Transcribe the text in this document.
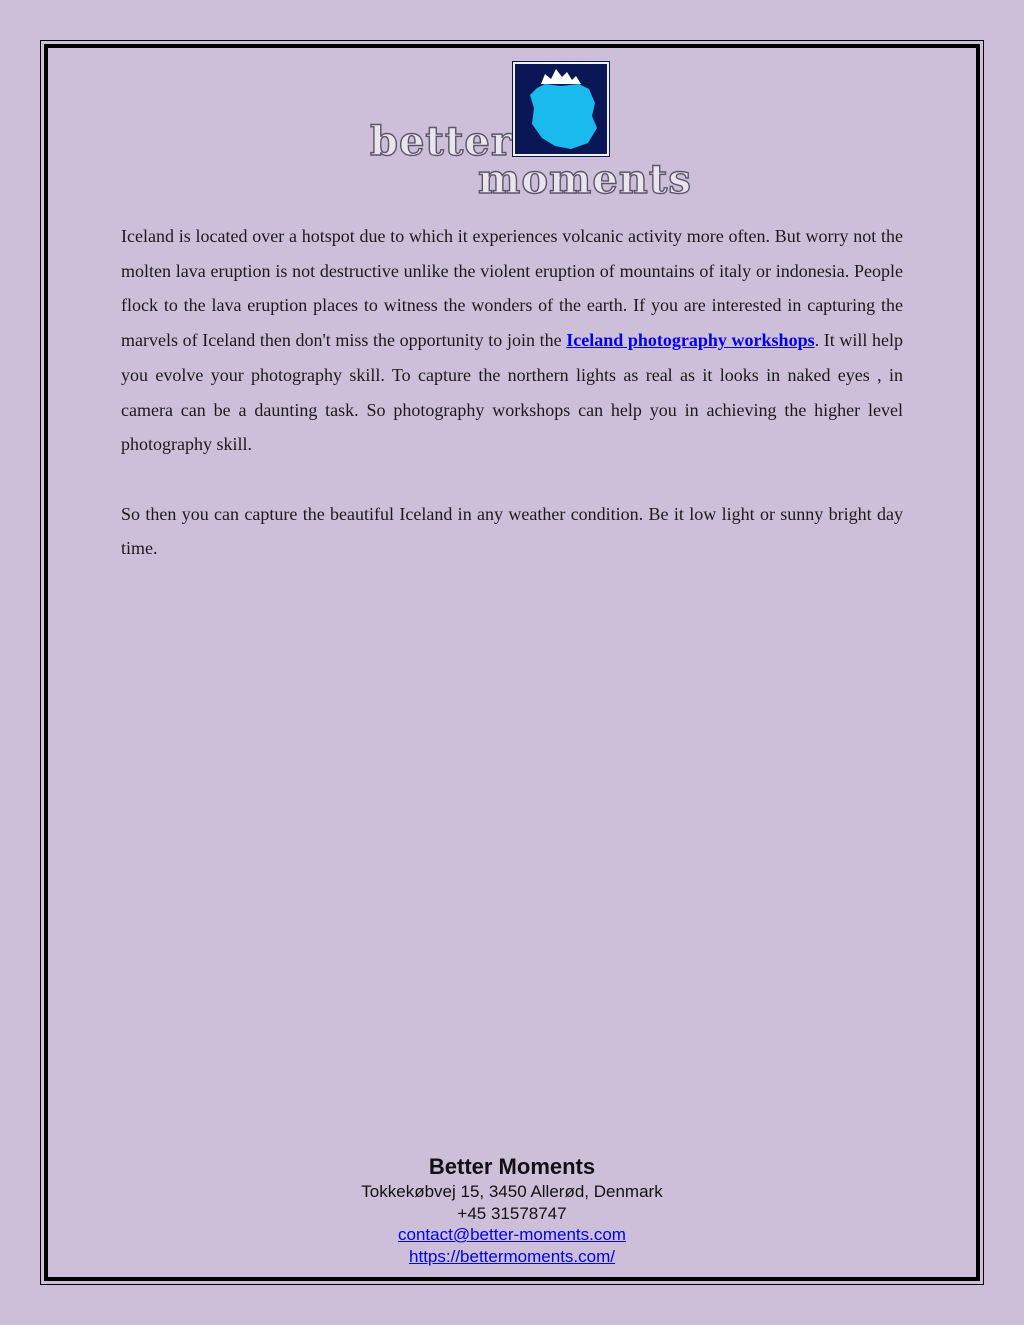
better
moments

Iceland is located over a hotspot due to which it experiences volcanic activity more often. But worry not the molten lava eruption is not destructive unlike the violent eruption of mountains of italy or indonesia. People flock to the lava eruption places to witness the wonders of the earth. If you are interested in capturing the marvels of Iceland then don't miss the opportunity to join the Iceland photography workshops. It will help you evolve your photography skill. To capture the northern lights as real as it looks in naked eyes , in camera can be a daunting task. So photography workshops can help you in achieving the higher level photography skill.

So then you can capture the beautiful Iceland in any weather condition. Be it low light or sunny bright day time.

Better Moments
Tokkekøbvej 15, 3450 Allerød, Denmark
+45 31578747
contact@better-moments.com
https://bettermoments.com/
